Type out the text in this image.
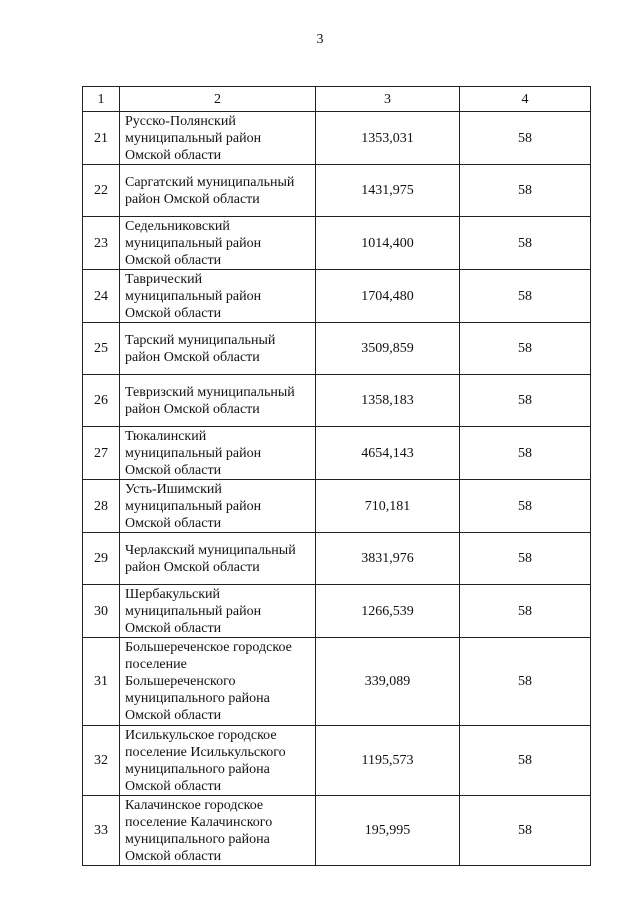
3
1	2	3	4
21	Русско-Полянский
муниципальный район
Омской области	1353,031	58
22	Саргатский муниципальный
район Омской области	1431,975	58
23	Седельниковский
муниципальный район
Омской области	1014,400	58
24	Таврический
муниципальный район
Омской области	1704,480	58
25	Тарский муниципальный
район Омской области	3509,859	58
26	Тевризский муниципальный
район Омской области	1358,183	58
27	Тюкалинский
муниципальный район
Омской области	4654,143	58
28	Усть-Ишимский
муниципальный район
Омской области	710,181	58
29	Черлакский муниципальный
район Омской области	3831,976	58
30	Шербакульский
муниципальный район
Омской области	1266,539	58
31	Большереченское городское
поселение
Большереченского
муниципального района
Омской области	339,089	58
32	Исилькульское городское
поселение Исилькульского
муниципального района
Омской области	1195,573	58
33	Калачинское городское
поселение Калачинского
муниципального района
Омской области	195,995	58
